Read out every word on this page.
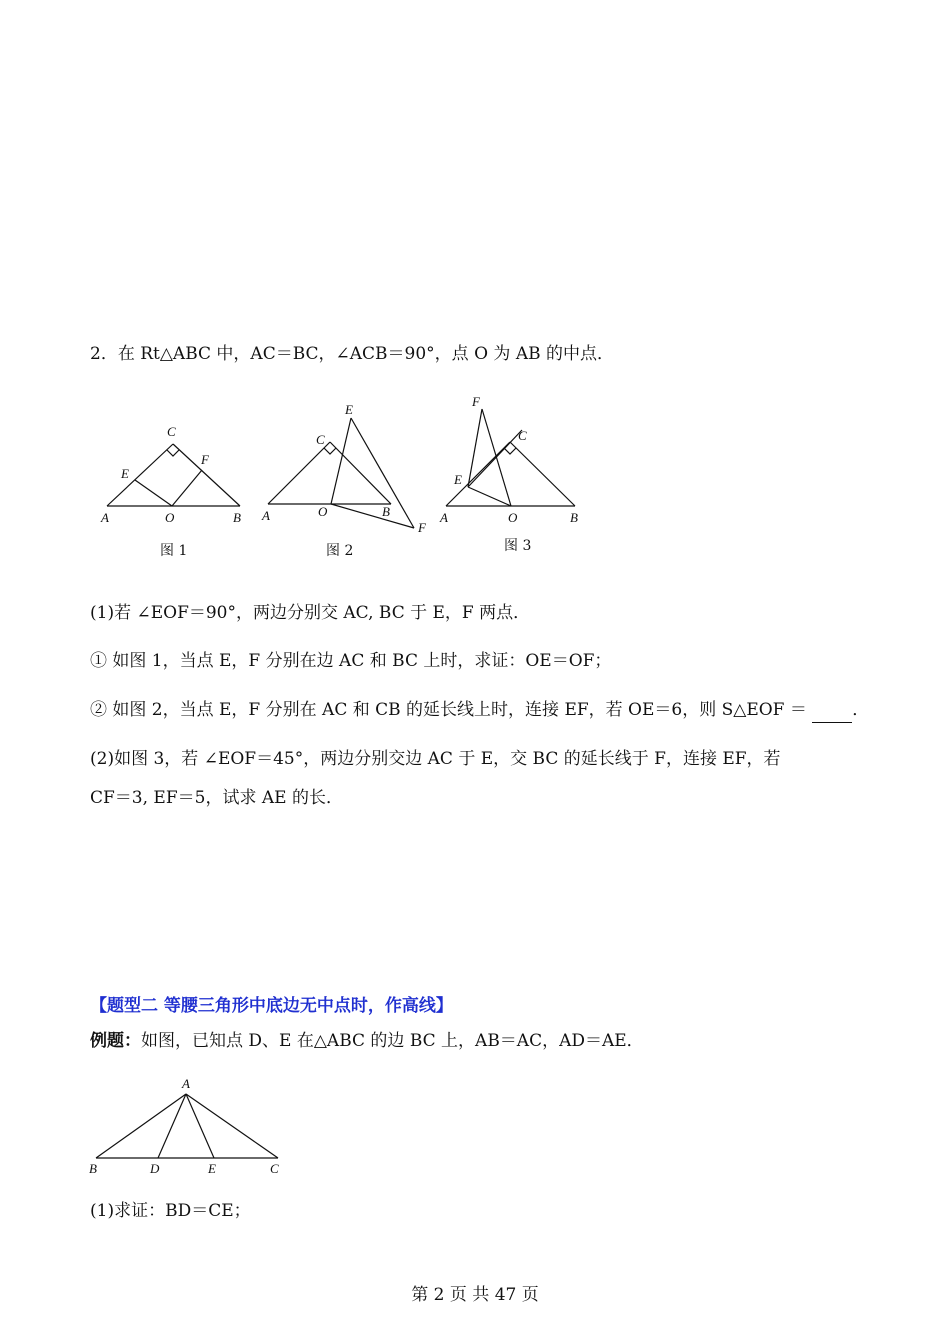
2．在 Rt△ABC 中，AC＝BC，∠ACB＝90°，点 O 为 AB 的中点．
C
E
F
A	O	B
图 1
E
C
A	O	B
F
图 2
F
C
E
A	O	B
图 3
(1)若 ∠EOF＝90°，两边分别交 AC, BC 于 E，F 两点．
① 如图 1，当点 E，F 分别在边 AC 和 BC 上时，求证：OE＝OF；
② 如图 2，当点 E，F 分别在 AC 和 CB 的延长线上时，连接 EF，若 OE＝6，则 S△EOF ＝	．
(2)如图 3，若 ∠EOF＝45°，两边分别交边 AC 于 E，交 BC 的延长线于 F，连接 EF，若
CF＝3, EF＝5，试求 AE 的长．
【题型二 等腰三角形中底边无中点时，作高线】
例题：如图，已知点 D、E 在△ABC 的边 BC 上，AB＝AC，AD＝AE．
A
B	D	E	C
(1)求证：BD＝CE；
第 2 页 共 47 页
